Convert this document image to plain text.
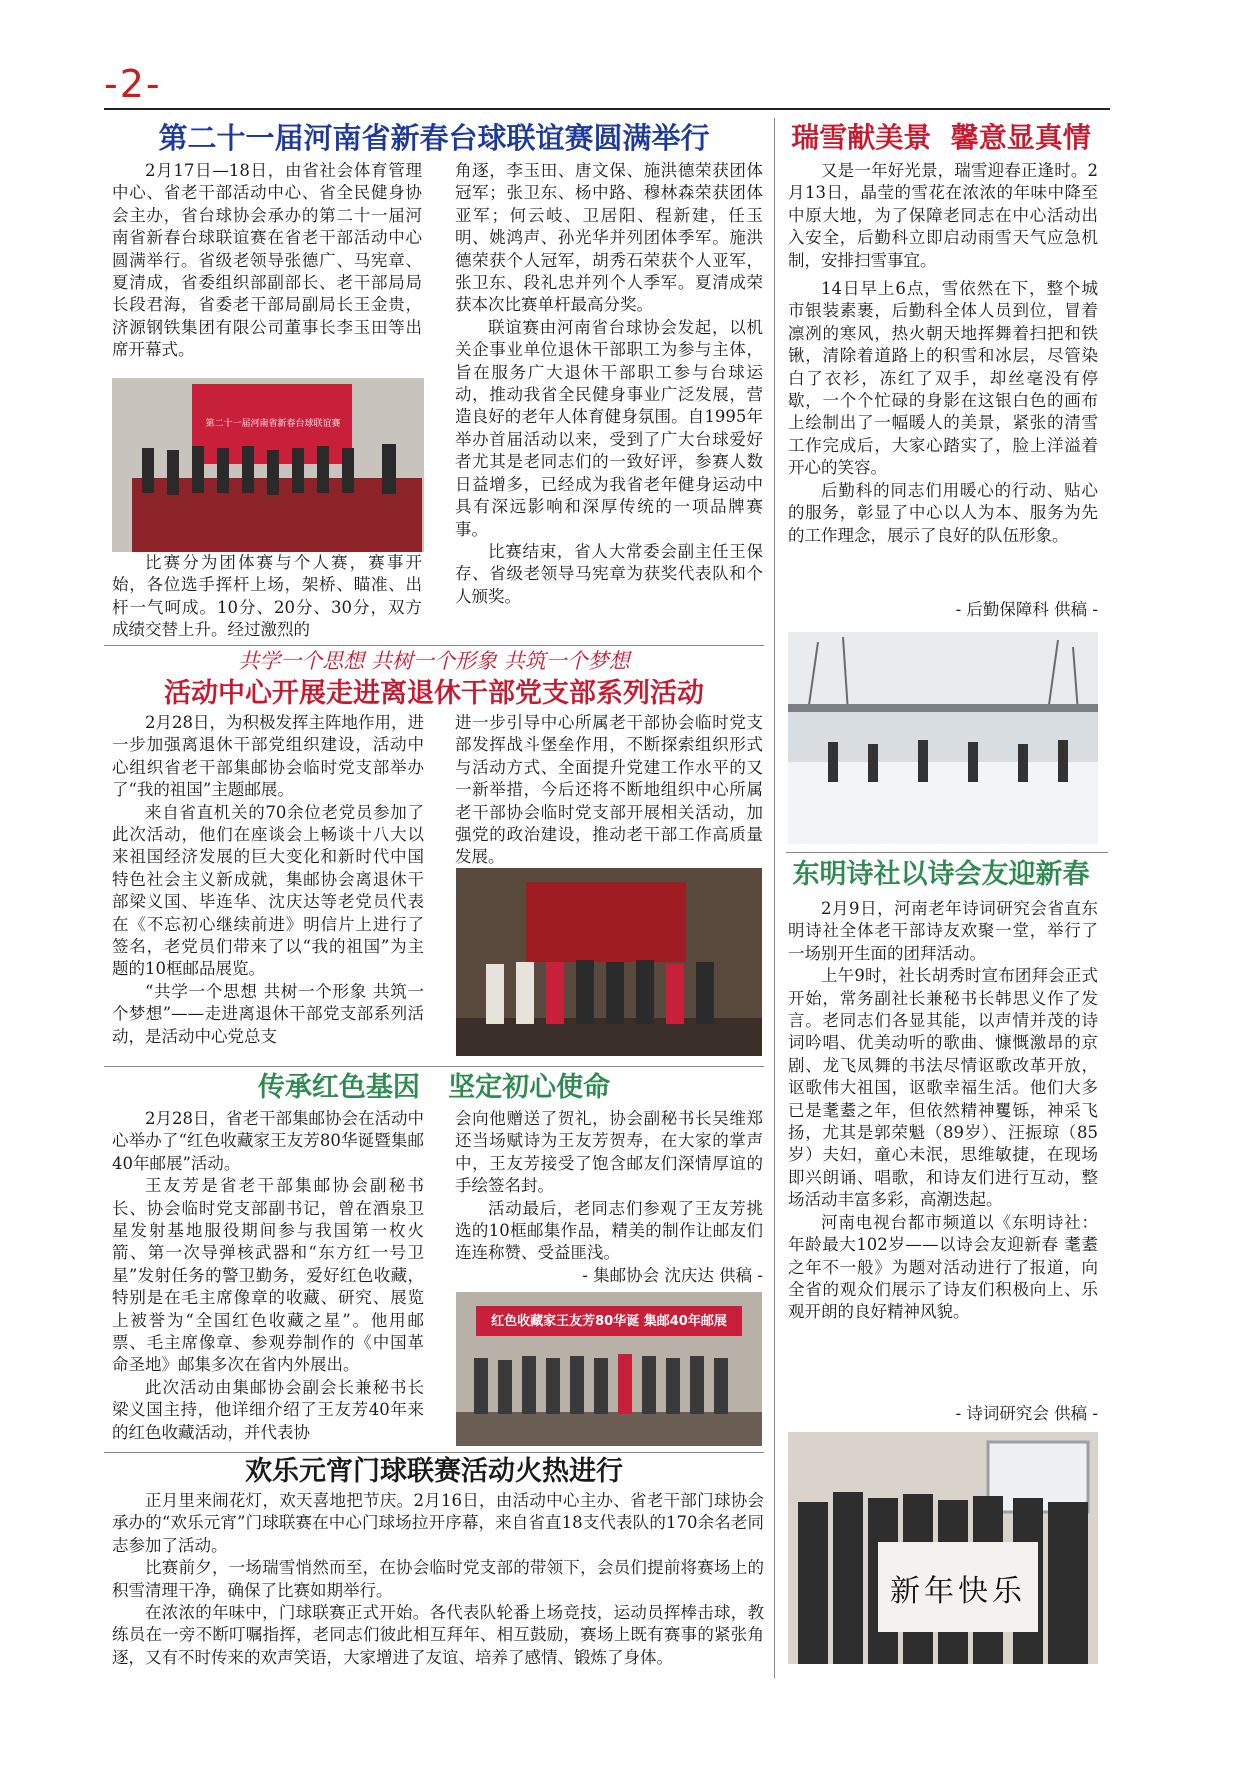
-2-
第二十一届河南省新春台球联谊赛圆满举行

2月17日—18日，由省社会体育管理中心、省老干部活动中心、省全民健身协会主办，省台球协会承办的第二十一届河南省新春台球联谊赛在省老干部活动中心圆满举行。省级老领导张德广、马宪章、夏清成，省委组织部副部长、老干部局局长段君海，省委老干部局副局长王金贵，济源钢铁集团有限公司董事长李玉田等出席开幕式。

第二十一届河南省新春台球联谊赛

比赛分为团体赛与个人赛，赛事开始，各位选手挥杆上场，架桥、瞄准、出杆一气呵成。10分、20分、30分，双方成绩交替上升。经过激烈的

角逐，李玉田、唐文保、施洪德荣获团体冠军；张卫东、杨中路、穆林森荣获团体亚军；何云岐、卫居阳、程新建，任玉明、姚鸿声、孙光华并列团体季军。施洪德荣获个人冠军，胡秀石荣获个人亚军，张卫东、段礼忠并列个人季军。夏清成荣获本次比赛单杆最高分奖。

联谊赛由河南省台球协会发起，以机关企事业单位退休干部职工为参与主体，旨在服务广大退休干部职工参与台球运动，推动我省全民健身事业广泛发展，营造良好的老年人体育健身氛围。自1995年举办首届活动以来，受到了广大台球爱好者尤其是老同志们的一致好评，参赛人数日益增多，已经成为我省老年健身运动中具有深远影响和深厚传统的一项品牌赛事。

比赛结束，省人大常委会副主任王保存、省级老领导马宪章为获奖代表队和个人颁奖。

共学一个思想 共树一个形象 共筑一个梦想
活动中心开展走进离退休干部党支部系列活动

2月28日，为积极发挥主阵地作用，进一步加强离退休干部党组织建设，活动中心组织省老干部集邮协会临时党支部举办了“我的祖国”主题邮展。

来自省直机关的70余位老党员参加了此次活动，他们在座谈会上畅谈十八大以来祖国经济发展的巨大变化和新时代中国特色社会主义新成就，集邮协会离退休干部梁义国、毕连华、沈庆达等老党员代表在《不忘初心继续前进》明信片上进行了签名，老党员们带来了以“我的祖国”为主题的10框邮品展览。

“共学一个思想 共树一个形象 共筑一个梦想”——走进离退休干部党支部系列活动，是活动中心党总支

进一步引导中心所属老干部协会临时党支部发挥战斗堡垒作用，不断探索组织形式与活动方式、全面提升党建工作水平的又一新举措，今后还将不断地组织中心所属老干部协会临时党支部开展相关活动，加强党的政治建设，推动老干部工作高质量发展。

传承红色基因   坚定初心使命

2月28日，省老干部集邮协会在活动中心举办了“红色收藏家王友芳80华诞暨集邮40年邮展”活动。

王友芳是省老干部集邮协会副秘书长、协会临时党支部副书记，曾在酒泉卫星发射基地服役期间参与我国第一枚火箭、第一次导弹核武器和“东方红一号卫星”发射任务的警卫勤务，爱好红色收藏，特别是在毛主席像章的收藏、研究、展览上被誉为“全国红色收藏之星”。他用邮票、毛主席像章、参观券制作的《中国革命圣地》邮集多次在省内外展出。

此次活动由集邮协会副会长兼秘书长梁义国主持，他详细介绍了王友芳40年来的红色收藏活动，并代表协

会向他赠送了贺礼，协会副秘书长吴维郑还当场赋诗为王友芳贺寿，在大家的掌声中，王友芳接受了饱含邮友们深情厚谊的手绘签名封。

活动最后，老同志们参观了王友芳挑选的10框邮集作品，精美的制作让邮友们连连称赞、受益匪浅。

- 集邮协会 沈庆达 供稿 -
红色收藏家王友芳80华诞 集邮40年邮展
欢乐元宵门球联赛活动火热进行

正月里来闹花灯，欢天喜地把节庆。2月16日，由活动中心主办、省老干部门球协会承办的“欢乐元宵”门球联赛在中心门球场拉开序幕，来自省直18支代表队的170余名老同志参加了活动。

比赛前夕，一场瑞雪悄然而至，在协会临时党支部的带领下，会员们提前将赛场上的积雪清理干净，确保了比赛如期举行。

在浓浓的年味中，门球联赛正式开始。各代表队轮番上场竞技，运动员挥棒击球，教练员在一旁不断叮嘱指挥，老同志们彼此相互拜年、相互鼓励，赛场上既有赛事的紧张角逐，又有不时传来的欢声笑语，大家增进了友谊、培养了感情、锻炼了身体。

瑞雪献美景  馨意显真情

又是一年好光景，瑞雪迎春正逢时。2月13日，晶莹的雪花在浓浓的年味中降至中原大地，为了保障老同志在中心活动出入安全，后勤科立即启动雨雪天气应急机制，安排扫雪事宜。

14日早上6点，雪依然在下，整个城市银装素裹，后勤科全体人员到位，冒着凛冽的寒风，热火朝天地挥舞着扫把和铁锹，清除着道路上的积雪和冰层，尽管染白了衣衫，冻红了双手，却丝毫没有停歇，一个个忙碌的身影在这银白色的画布上绘制出了一幅暖人的美景，紧张的清雪工作完成后，大家心踏实了，脸上洋溢着开心的笑容。

后勤科的同志们用暖心的行动、贴心的服务，彰显了中心以人为本、服务为先的工作理念，展示了良好的队伍形象。

- 后勤保障科 供稿 -
东明诗社以诗会友迎新春

2月9日，河南老年诗词研究会省直东明诗社全体老干部诗友欢聚一堂，举行了一场别开生面的团拜活动。

上午9时，社长胡秀时宣布团拜会正式开始，常务副社长兼秘书长韩思义作了发言。老同志们各显其能，以声情并茂的诗词吟唱、优美动听的歌曲、慷慨激昂的京剧、龙飞凤舞的书法尽情讴歌改革开放，讴歌伟大祖国，讴歌幸福生活。他们大多已是耄耋之年，但依然精神矍铄，神采飞扬，尤其是郭荣魁（89岁）、汪振琼（85岁）夫妇，童心未泯，思维敏捷，在现场即兴朗诵、唱歌，和诗友们进行互动，整场活动丰富多彩，高潮迭起。

河南电视台都市频道以《东明诗社：年龄最大102岁——以诗会友迎新春 耄耋之年不一般》为题对活动进行了报道，向全省的观众们展示了诗友们积极向上、乐观开朗的良好精神风貌。

- 诗词研究会 供稿 -
新年快乐
